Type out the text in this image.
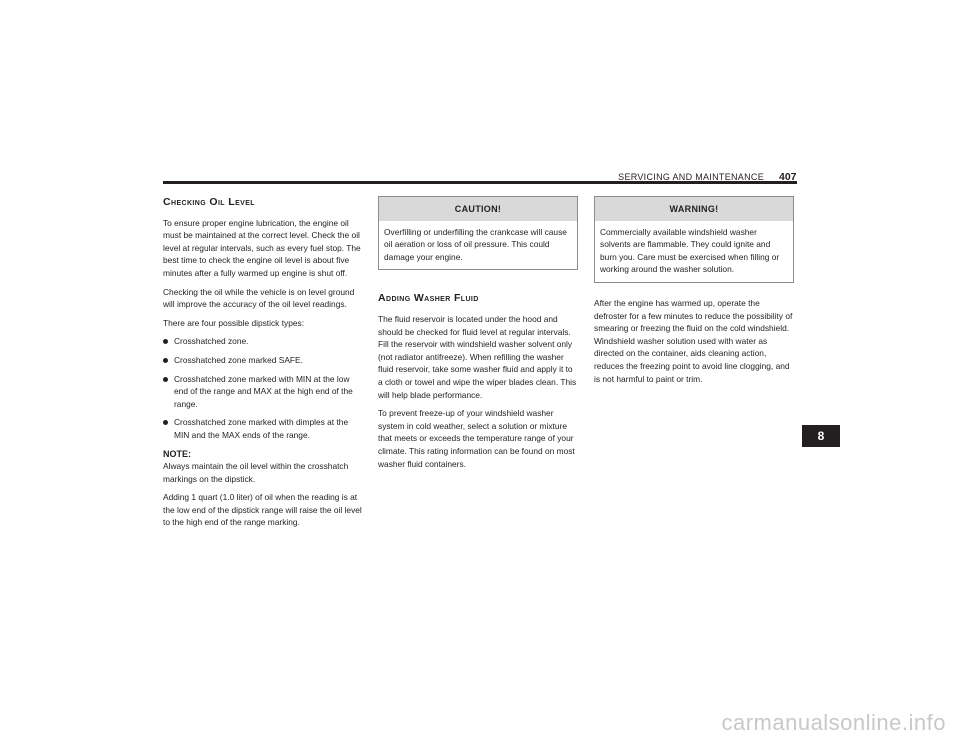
SERVICING AND MAINTENANCE 407
Checking Oil Level

To ensure proper engine lubrication, the engine oil must be maintained at the correct level. Check the oil level at regular intervals, such as every fuel stop. The best time to check the engine oil level is about five minutes after a fully warmed up engine is shut off.

Checking the oil while the vehicle is on level ground will improve the accuracy of the oil level readings.

There are four possible dipstick types:

Crosshatched zone.
Crosshatched zone marked SAFE.
Crosshatched zone marked with MIN at the low end of the range and MAX at the high end of the range.
Crosshatched zone marked with dimples at the MIN and the MAX ends of the range.
NOTE:

Always maintain the oil level within the crosshatch markings on the dipstick.

Adding 1 quart (1.0 liter) of oil when the reading is at the low end of the dipstick range will raise the oil level to the high end of the range marking.

CAUTION!

Overfilling or underfilling the crankcase will cause oil aeration or loss of oil pressure. This could damage your engine.

Adding Washer Fluid

The fluid reservoir is located under the hood and should be checked for fluid level at regular intervals. Fill the reservoir with windshield washer solvent only (not radiator antifreeze). When refilling the washer fluid reservoir, take some washer fluid and apply it to a cloth or towel and wipe the wiper blades clean. This will help blade performance.

To prevent freeze-up of your windshield washer system in cold weather, select a solution or mixture that meets or exceeds the temperature range of your climate. This rating information can be found on most washer fluid containers.

WARNING!

Commercially available windshield washer solvents are flammable. They could ignite and burn you. Care must be exercised when filling or working around the washer solution.

After the engine has warmed up, operate the defroster for a few minutes to reduce the possibility of smearing or freezing the fluid on the cold windshield. Windshield washer solution used with water as directed on the container, aids cleaning action, reduces the freezing point to avoid line clogging, and is not harmful to paint or trim.

8
carmanualsonline.info
